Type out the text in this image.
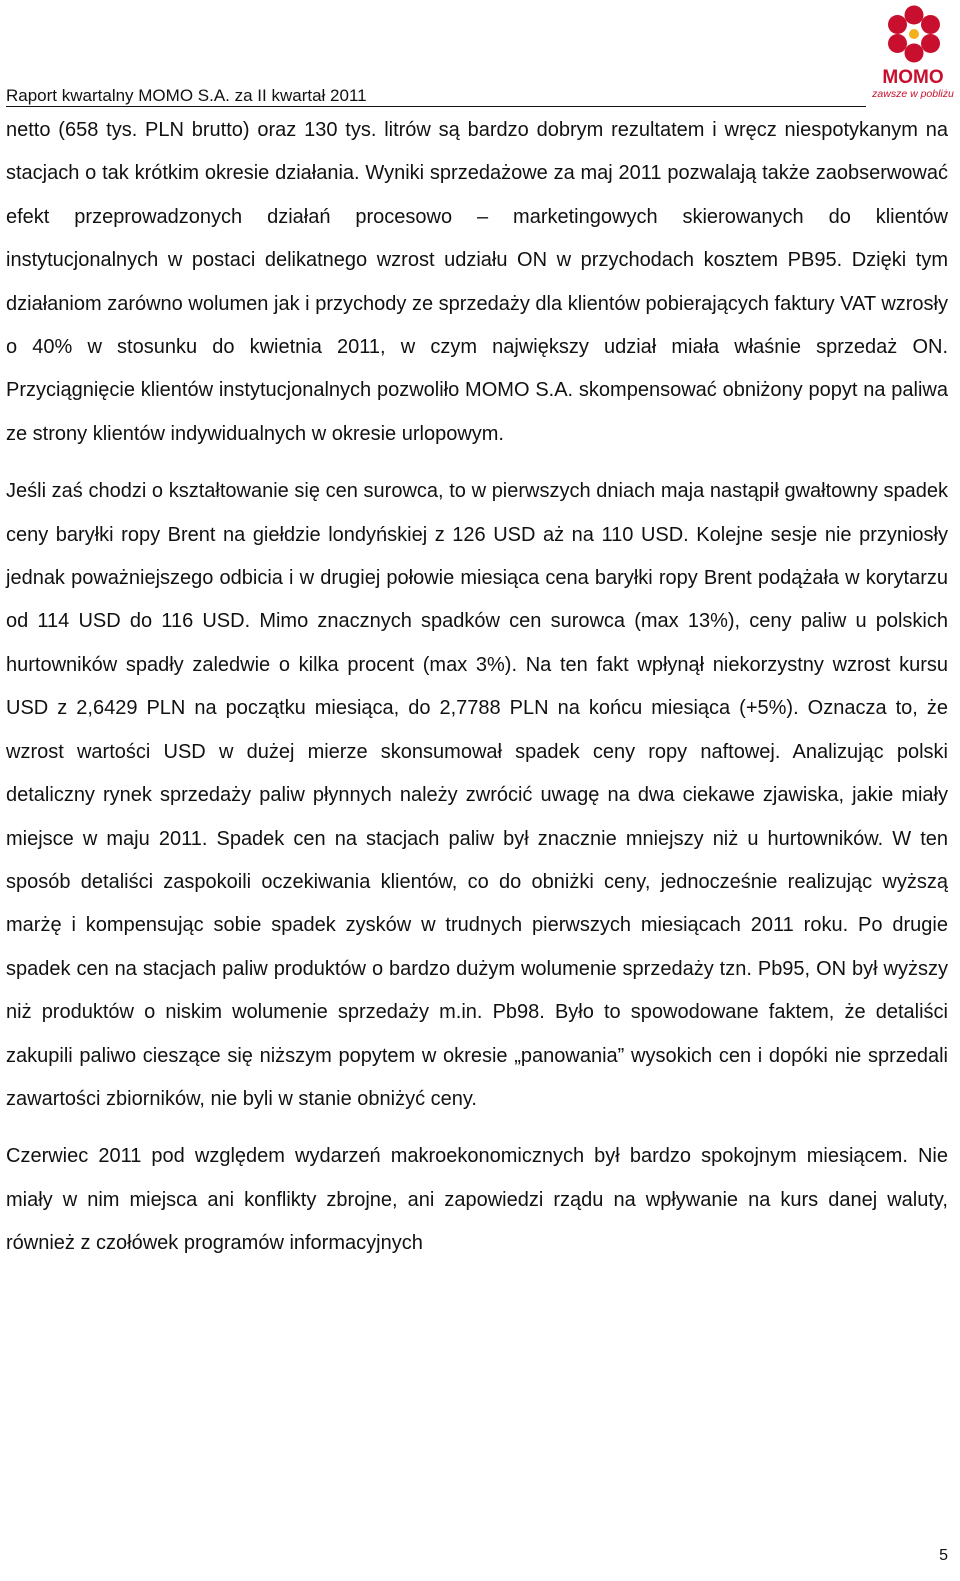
Raport kwartalny MOMO S.A. za II kwartał 2011
MOMO
zawsze w pobliżu

netto (658 tys. PLN brutto) oraz 130 tys. litrów są bardzo dobrym rezultatem i wręcz niespotykanym na stacjach o tak krótkim okresie działania. Wyniki sprzedażowe za maj 2011 pozwalają także zaobserwować efekt przeprowadzonych działań procesowo – marketingowych skierowanych do klientów instytucjonalnych w postaci delikatnego wzrost udziału ON w przychodach kosztem PB95. Dzięki tym działaniom zarówno wolumen jak i przychody ze sprzedaży dla klientów pobierających faktury VAT wzrosły o 40% w stosunku do kwietnia 2011, w czym największy udział miała właśnie sprzedaż ON. Przyciągnięcie klientów instytucjonalnych pozwoliło MOMO S.A. skompensować obniżony popyt na paliwa ze strony klientów indywidualnych w okresie urlopowym.

Jeśli zaś chodzi o kształtowanie się cen surowca, to w pierwszych dniach maja nastąpił gwałtowny spadek ceny baryłki ropy Brent na giełdzie londyńskiej z 126 USD aż na 110 USD. Kolejne sesje nie przyniosły jednak poważniejszego odbicia i w drugiej połowie miesiąca cena baryłki ropy Brent podążała w korytarzu od 114 USD do 116 USD. Mimo znacznych spadków cen surowca (max 13%), ceny paliw u polskich hurtowników spadły zaledwie o kilka procent (max 3%). Na ten fakt wpłynął niekorzystny wzrost kursu USD z 2,6429 PLN na początku miesiąca, do 2,7788 PLN na końcu miesiąca (+5%). Oznacza to, że wzrost wartości USD w dużej mierze skonsumował spadek ceny ropy naftowej. Analizując polski detaliczny rynek sprzedaży paliw płynnych należy zwrócić uwagę na dwa ciekawe zjawiska, jakie miały miejsce w maju 2011. Spadek cen na stacjach paliw był znacznie mniejszy niż u hurtowników. W ten sposób detaliści zaspokoili oczekiwania klientów, co do obniżki ceny, jednocześnie realizując wyższą marżę i kompensując sobie spadek zysków w trudnych pierwszych miesiącach 2011 roku. Po drugie spadek cen na stacjach paliw produktów o bardzo dużym wolumenie sprzedaży tzn. Pb95, ON był wyższy niż produktów o niskim wolumenie sprzedaży m.in. Pb98. Było to spowodowane faktem, że detaliści zakupili paliwo cieszące się niższym popytem w okresie „panowania” wysokich cen i dopóki nie sprzedali zawartości zbiorników, nie byli w stanie obniżyć ceny.

Czerwiec 2011 pod względem wydarzeń makroekonomicznych był bardzo spokojnym miesiącem. Nie miały w nim miejsca ani konflikty zbrojne, ani zapowiedzi rządu na wpływanie na kurs danej waluty, również z czołówek programów informacyjnych

5
